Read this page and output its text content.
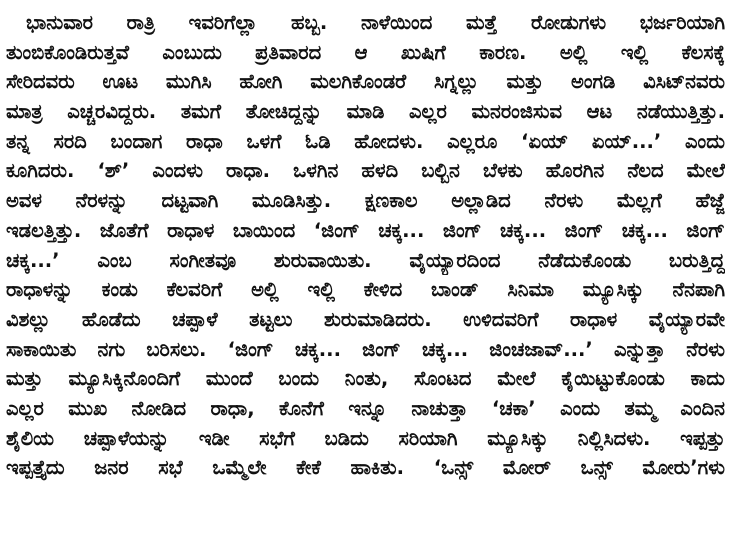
ಭಾನುವಾರ ರಾತ್ರಿ ಇವರಿಗೆಲ್ಲಾ ಹಬ್ಬ. ನಾಳೆಯಿಂದ ಮತ್ತೆ ರೋಡುಗಳು ಭರ್ಜರಿಯಾಗಿ
ತುಂಬಿಕೊಂಡಿರುತ್ತವೆ ಎಂಬುದು ಪ್ರತಿವಾರದ ಆ ಖುಷಿಗೆ ಕಾರಣ. ಅಲ್ಲಿ ಇಲ್ಲಿ ಕೆಲಸಕ್ಕೆ
ಸೇರಿದವರು ಊಟ ಮುಗಿಸಿ ಹೋಗಿ ಮಲಗಿಕೊಂಡರೆ ಸಿಗ್ನಲ್ಲು ಮತ್ತು ಅಂಗಡಿ ವಿಸಿಟ್‌ನವರು
ಮಾತ್ರ ಎಚ್ಚರವಿದ್ದರು. ತಮಗೆ ತೋಚಿದ್ದನ್ನು ಮಾಡಿ ಎಲ್ಲರ ಮನರಂಜಿಸುವ ಆಟ ನಡೆಯುತ್ತಿತ್ತು.
ತನ್ನ ಸರದಿ ಬಂದಾಗ ರಾಧಾ ಒಳಗೆ ಓಡಿ ಹೋದಳು. ಎಲ್ಲರೂ ‘ಏಯ್ ಏಯ್...’ ಎಂದು
ಕೂಗಿದರು. ‘ಶ್’ ಎಂದಳು ರಾಧಾ. ಒಳಗಿನ ಹಳದಿ ಬಲ್ಬಿನ ಬೆಳಕು ಹೊರಗಿನ ನೆಲದ ಮೇಲೆ
ಅವಳ ನೆರಳನ್ನು ದಟ್ಟವಾಗಿ ಮೂಡಿಸಿತ್ತು. ಕ್ಷಣಕಾಲ ಅಲ್ಲಾಡಿದ ನೆರಳು ಮೆಲ್ಲಗೆ ಹೆಜ್ಜೆ
ಇಡಲತ್ತಿತ್ತು. ಜೊತೆಗೆ ರಾಧಾಳ ಬಾಯಿಂದ ‘ಜಿಂಗ್ ಚಕ್ಕ... ಜಿಂಗ್ ಚಕ್ಕ... ಜಿಂಗ್ ಚಕ್ಕ... ಜಿಂಗ್
ಚಕ್ಕ...’ ಎಂಬ ಸಂಗೀತವೂ ಶುರುವಾಯಿತು. ವೈಯ್ಯಾರದಿಂದ ನೆಡೆದುಕೊಂಡು ಬರುತ್ತಿದ್ದ
ರಾಧಾಳನ್ನು ಕಂಡು ಕೆಲವರಿಗೆ ಅಲ್ಲಿ ಇಲ್ಲಿ ಕೇಳಿದ ಬಾಂಡ್ ಸಿನಿಮಾ ಮ್ಯೂಸಿಕ್ಕು ನೆನಪಾಗಿ
ವಿಶಲ್ಲು ಹೊಡೆದು ಚಪ್ಪಾಳೆ ತಟ್ಟಲು ಶುರುಮಾಡಿದರು. ಉಳಿದವರಿಗೆ ರಾಧಾಳ ವೈಯ್ಯಾರವೇ
ಸಾಕಾಯಿತು ನಗು ಬರಿಸಲು. ‘ಜಿಂಗ್ ಚಕ್ಕ... ಜಿಂಗ್ ಚಕ್ಕ... ಜಿಂಚಜಾವ್...’ ಎನ್ನುತ್ತಾ ನೆರಳು
ಮತ್ತು ಮ್ಯೂಸಿಕ್ಕಿನೊಂದಿಗೆ ಮುಂದೆ ಬಂದು ನಿಂತು, ಸೊಂಟದ ಮೇಲೆ ಕೈಯಿಟ್ಟುಕೊಂಡು ಕಾದು
ಎಲ್ಲರ ಮುಖ ನೋಡಿದ ರಾಧಾ, ಕೊನೆಗೆ ಇನ್ನೂ ನಾಚುತ್ತಾ ‘ಚಕಾ’ ಎಂದು ತಮ್ಮ ಎಂದಿನ
ಶೈಲಿಯ ಚಪ್ಪಾಳೆಯನ್ನು ಇಡೀ ಸಭೆಗೆ ಬಡಿದು ಸರಿಯಾಗಿ ಮ್ಯೂಸಿಕ್ಕು ನಿಲ್ಲಿಸಿದಳು. ಇಪ್ಪತ್ತು
ಇಪ್ಪತ್ತೈದು ಜನರ ಸಭೆ ಒಮ್ಮೆಲೇ ಕೇಕೆ ಹಾಕಿತು. ‘ಒನ್ಸ್ ಮೋರ್ ಒನ್ಸ್ ಮೋರು’ಗಳು
